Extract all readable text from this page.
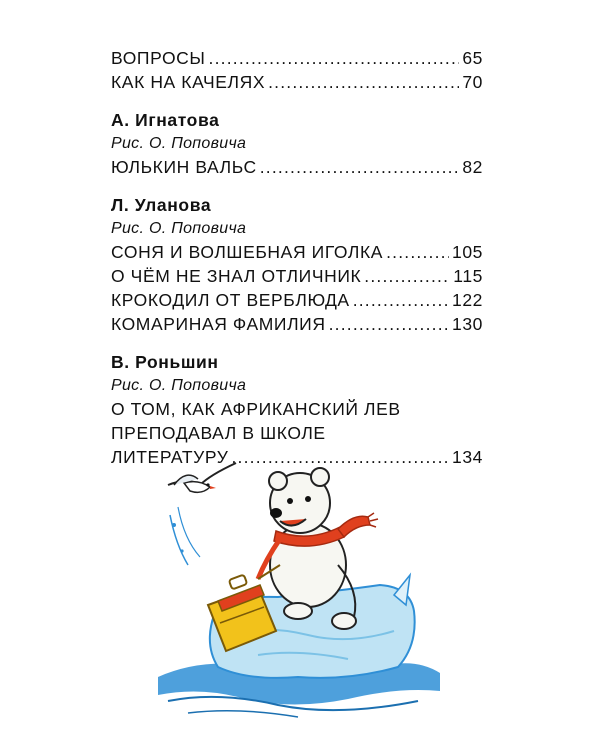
ВОПРОСЫ .....	65
КАК НА КАЧЕЛЯХ .....	70
А. Игнатова
Рис. О. Поповича
ЮЛЬКИН ВАЛЬС .....	82
Л. Уланова
Рис. О. Поповича
СОНЯ И ВОЛШЕБНАЯ ИГОЛКА .....	105
О ЧЁМ НЕ ЗНАЛ ОТЛИЧНИК .....	115
КРОКОДИЛ ОТ ВЕРБЛЮДА .....	122
КОМАРИНАЯ ФАМИЛИЯ .....	130
В. Роньшин
Рис. О. Поповича
О ТОМ, КАК АФРИКАНСКИЙ ЛЕВ
ПРЕПОДАВАЛ В ШКОЛЕ
ЛИТЕРАТУРУ .....	134
